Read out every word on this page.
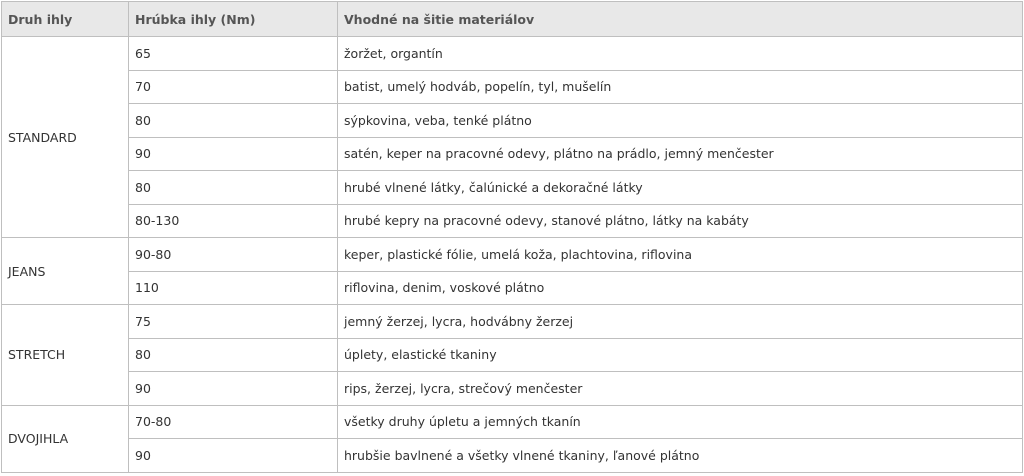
Druh ihly	Hrúbka ihly (Nm)	Vhodné na šitie materiálov
STANDARD	65	žoržet, organtín
	70	batist, umelý hodváb, popelín, tyl, mušelín
	80	sýpkovina, veba, tenké plátno
	90	satén, keper na pracovné odevy, plátno na prádlo, jemný menčester
	80	hrubé vlnené látky, čalúnické a dekoračné látky
	80-130	hrubé kepry na pracovné odevy, stanové plátno, látky na kabáty
JEANS	90-80	keper, plastické fólie, umelá koža, plachtovina, riflovina
	110	riflovina, denim, voskové plátno
STRETCH	75	jemný žerzej, lycra, hodvábny žerzej
	80	úplety, elastické tkaniny
	90	rips, žerzej, lycra, strečový menčester
DVOJIHLA	70-80	všetky druhy úpletu a jemných tkanín
	90	hrubšie bavlnené a všetky vlnené tkaniny, ľanové plátno
